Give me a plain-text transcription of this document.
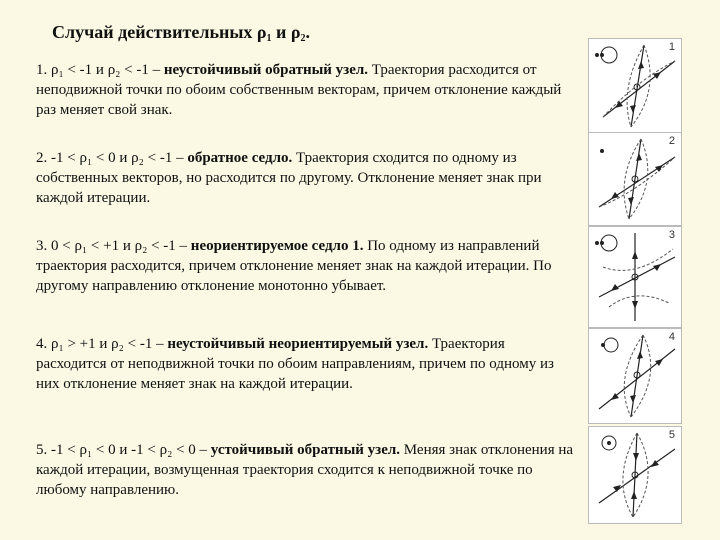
Случай действительных $\rho_1$ и $\rho_2$.
1. ρ₁ < -1 и ρ₂ < -1 – неустойчивый обратный узел. Траектория расходится от неподвижной точки по обоим собственным векторам, причем отклонение каждый раз меняет свой знак.
2. -1 < ρ₁ < 0 и ρ₂ < -1 – обратное седло. Траектория сходится по одному из собственных векторов, но расходится по другому. Отклонение меняет знак при каждой итерации.
3. 0 < ρ₁ < +1 и ρ₂ < -1 – неориентируемое седло 1. По одному из направлений траектория расходится, причем отклонение меняет знак на каждой итерации. По другому направлению отклонение монотонно убывает.
4. ρ₁ > +1 и ρ₂ < -1 – неустойчивый неориентируемый узел. Траектория расходится от неподвижной точки по обоим направлениям, причем по одному из них отклонение меняет знак на каждой итерации.
5. -1 < ρ₁ < 0 и -1 < ρ₂ < 0 – устойчивый обратный узел. Меняя знак отклонения на каждой итерации, возмущенная траектория сходится к неподвижной точке по любому направлению.
1
2
3
4
5
